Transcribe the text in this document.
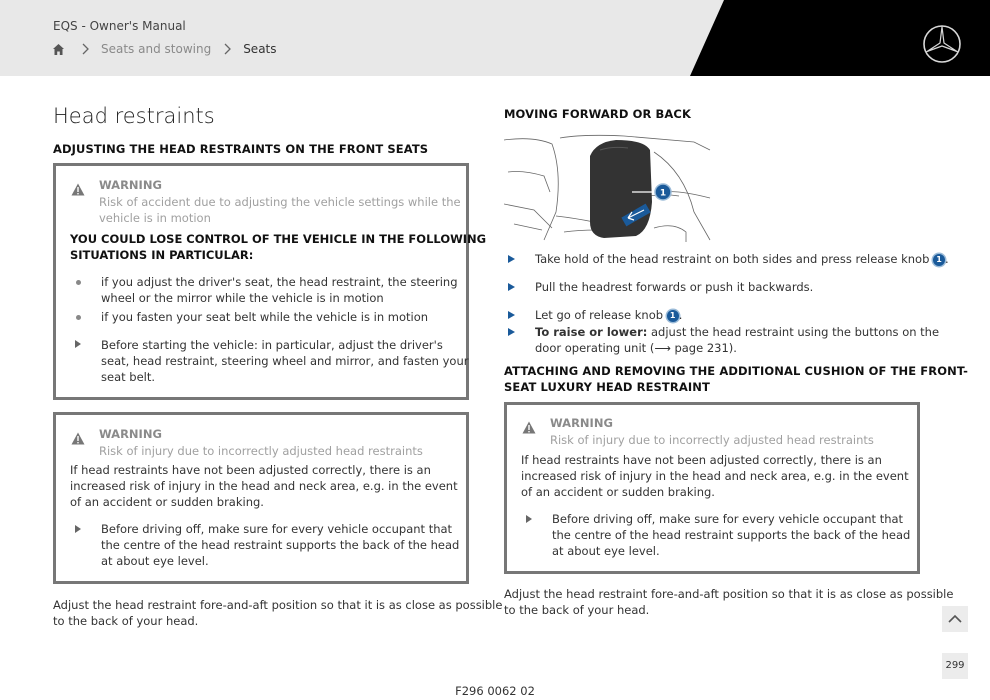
EQS - Owner's Manual
Seats and stowing	Seats
Head restraints
ADJUSTING THE HEAD RESTRAINTS ON THE FRONT SEATS
WARNING
Risk of accident due to adjusting the vehicle settings while the
vehicle is in motion
YOU COULD LOSE CONTROL OF THE VEHICLE IN THE FOLLOWING
SITUATIONS IN PARTICULAR:
if you adjust the driver's seat, the head restraint, the steering
wheel or the mirror while the vehicle is in motion
if you fasten your seat belt while the vehicle is in motion
Before starting the vehicle: in particular, adjust the driver's
seat, head restraint, steering wheel and mirror, and fasten your
seat belt.
WARNING
Risk of injury due to incorrectly adjusted head restraints
If head restraints have not been adjusted correctly, there is an
increased risk of injury in the head and neck area, e.g. in the event
of an accident or sudden braking.
Before driving off, make sure for every vehicle occupant that
the centre of the head restraint supports the back of the head
at about eye level.
Adjust the head restraint fore-and-aft position so that it is as close as possible
to the back of your head.
MOVING FORWARD OR BACK
1
Take hold of the head restraint on both sides and press release knob 1 .
Pull the headrest forwards or push it backwards.
Let go of release knob 1 .
To raise or lower: adjust the head restraint using the buttons on the
door operating unit (⟶ page 231).
ATTACHING AND REMOVING THE ADDITIONAL CUSHION OF THE FRONT-
SEAT LUXURY HEAD RESTRAINT
WARNING
Risk of injury due to incorrectly adjusted head restraints
If head restraints have not been adjusted correctly, there is an
increased risk of injury in the head and neck area, e.g. in the event
of an accident or sudden braking.
Before driving off, make sure for every vehicle occupant that
the centre of the head restraint supports the back of the head
at about eye level.
Adjust the head restraint fore-and-aft position so that it is as close as possible
to the back of your head.
299
F296 0062 02
